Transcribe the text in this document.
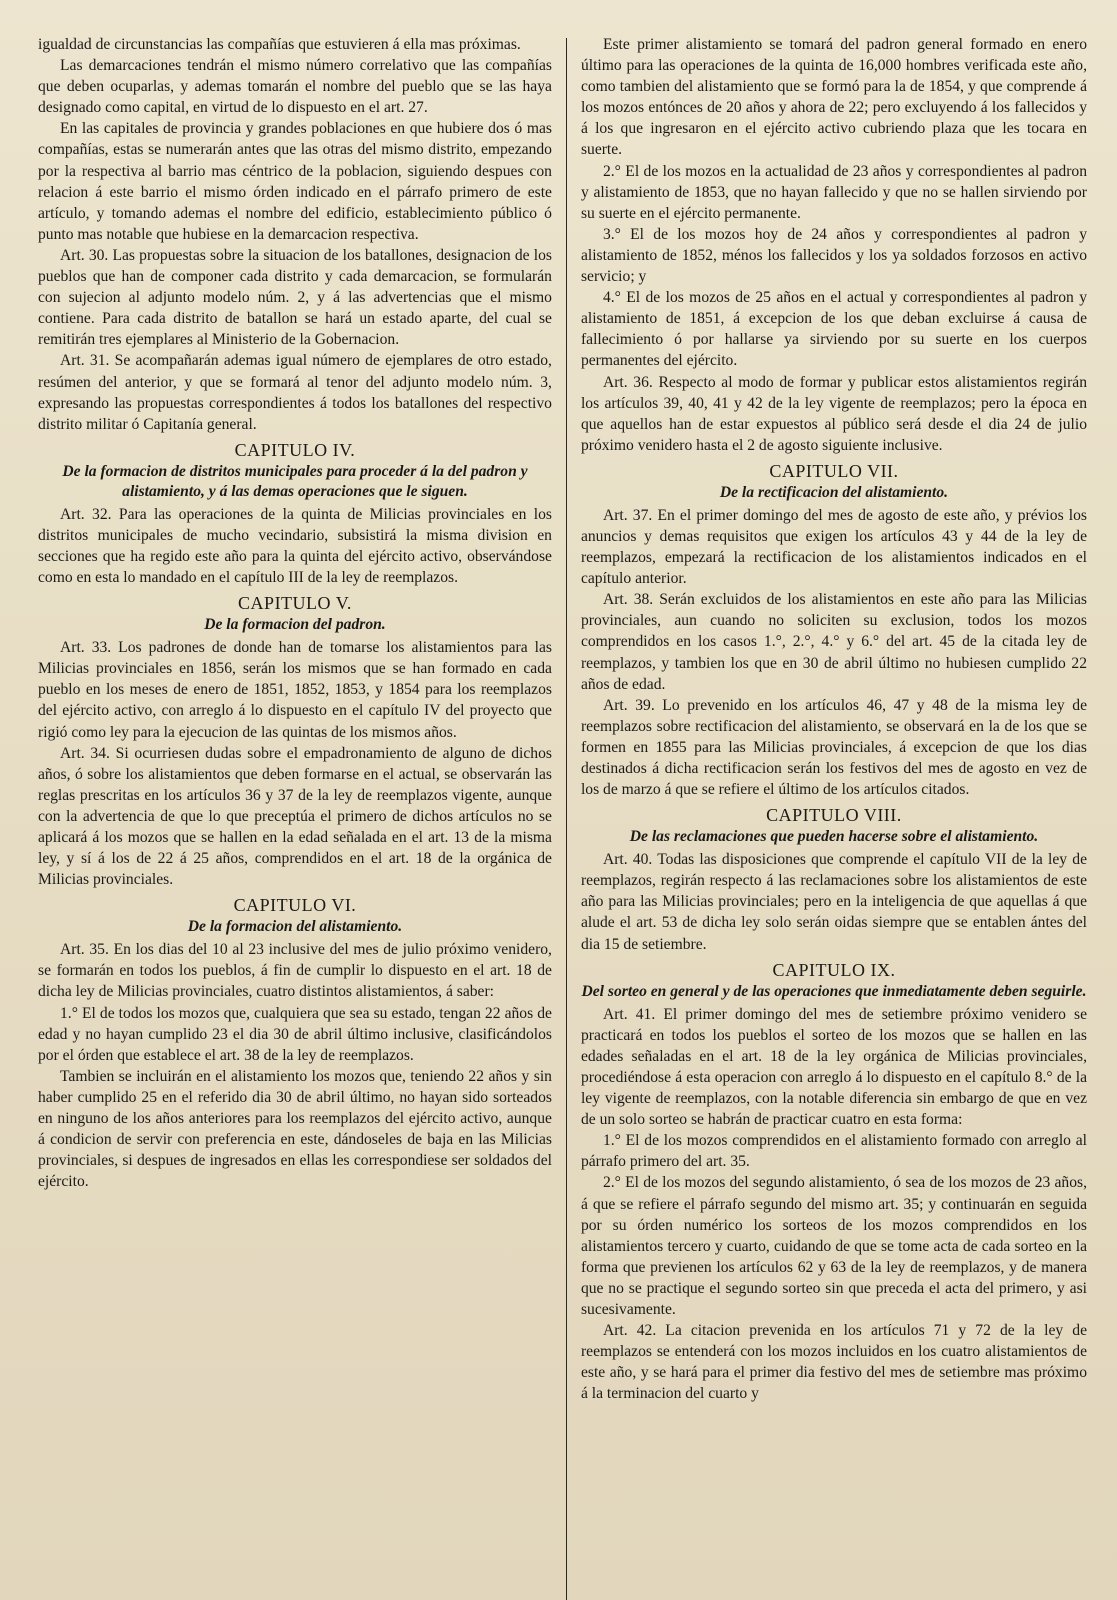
igualdad de circunstancias las compañías que estuvieren á ella mas próximas.

Las demarcaciones tendrán el mismo número correlativo que las compañías que deben ocuparlas, y ademas tomarán el nombre del pueblo que se las haya designado como capital, en virtud de lo dispuesto en el art. 27.

En las capitales de provincia y grandes poblaciones en que hubiere dos ó mas compañías, estas se numerarán antes que las otras del mismo distrito, empezando por la respectiva al barrio mas céntrico de la poblacion, siguiendo despues con relacion á este barrio el mismo órden indicado en el párrafo primero de este artículo, y tomando ademas el nombre del edificio, establecimiento público ó punto mas notable que hubiese en la demarcacion respectiva.

Art. 30. Las propuestas sobre la situacion de los batallones, designacion de los pueblos que han de componer cada distrito y cada demarcacion, se formularán con sujecion al adjunto modelo núm. 2, y á las advertencias que el mismo contiene. Para cada distrito de batallon se hará un estado aparte, del cual se remitirán tres ejemplares al Ministerio de la Gobernacion.

Art. 31. Se acompañarán ademas igual número de ejemplares de otro estado, resúmen del anterior, y que se formará al tenor del adjunto modelo núm. 3, expresando las propuestas correspondientes á todos los batallones del respectivo distrito militar ó Capitanía general.

CAPITULO IV.
De la formacion de distritos municipales para proceder á la del padron y alistamiento, y á las demas operaciones que le siguen.

Art. 32. Para las operaciones de la quinta de Milicias provinciales en los distritos municipales de mucho vecindario, subsistirá la misma division en secciones que ha regido este año para la quinta del ejército activo, observándose como en esta lo mandado en el capítulo III de la ley de reemplazos.

CAPITULO V.
De la formacion del padron.

Art. 33. Los padrones de donde han de tomarse los alistamientos para las Milicias provinciales en 1856, serán los mismos que se han formado en cada pueblo en los meses de enero de 1851, 1852, 1853, y 1854 para los reemplazos del ejército activo, con arreglo á lo dispuesto en el capítulo IV del proyecto que rigió como ley para la ejecucion de las quintas de los mismos años.

Art. 34. Si ocurriesen dudas sobre el empadronamiento de alguno de dichos años, ó sobre los alistamientos que deben formarse en el actual, se observarán las reglas prescritas en los artículos 36 y 37 de la ley de reemplazos vigente, aunque con la advertencia de que lo que preceptúa el primero de dichos artículos no se aplicará á los mozos que se hallen en la edad señalada en el art. 13 de la misma ley, y sí á los de 22 á 25 años, comprendidos en el art. 18 de la orgánica de Milicias provinciales.

CAPITULO VI.
De la formacion del alistamiento.

Art. 35. En los dias del 10 al 23 inclusive del mes de julio próximo venidero, se formarán en todos los pueblos, á fin de cumplir lo dispuesto en el art. 18 de dicha ley de Milicias provinciales, cuatro distintos alistamientos, á saber:

1.° El de todos los mozos que, cualquiera que sea su estado, tengan 22 años de edad y no hayan cumplido 23 el dia 30 de abril último inclusive, clasificándolos por el órden que establece el art. 38 de la ley de reemplazos.

Tambien se incluirán en el alistamiento los mozos que, teniendo 22 años y sin haber cumplido 25 en el referido dia 30 de abril último, no hayan sido sorteados en ninguno de los años anteriores para los reemplazos del ejército activo, aunque á condicion de servir con preferencia en este, dándoseles de baja en las Milicias provinciales, si despues de ingresados en ellas les correspondiese ser soldados del ejército.

Este primer alistamiento se tomará del padron general formado en enero último para las operaciones de la quinta de 16,000 hombres verificada este año, como tambien del alistamiento que se formó para la de 1854, y que comprende á los mozos entónces de 20 años y ahora de 22; pero excluyendo á los fallecidos y á los que ingresaron en el ejército activo cubriendo plaza que les tocara en suerte.

2.° El de los mozos en la actualidad de 23 años y correspondientes al padron y alistamiento de 1853, que no hayan fallecido y que no se hallen sirviendo por su suerte en el ejército permanente.

3.° El de los mozos hoy de 24 años y correspondientes al padron y alistamiento de 1852, ménos los fallecidos y los ya soldados forzosos en activo servicio; y

4.° El de los mozos de 25 años en el actual y correspondientes al padron y alistamiento de 1851, á excepcion de los que deban excluirse á causa de fallecimiento ó por hallarse ya sirviendo por su suerte en los cuerpos permanentes del ejército.

Art. 36. Respecto al modo de formar y publicar estos alistamientos regirán los artículos 39, 40, 41 y 42 de la ley vigente de reemplazos; pero la época en que aquellos han de estar expuestos al público será desde el dia 24 de julio próximo venidero hasta el 2 de agosto siguiente inclusive.

CAPITULO VII.
De la rectificacion del alistamiento.

Art. 37. En el primer domingo del mes de agosto de este año, y prévios los anuncios y demas requisitos que exigen los artículos 43 y 44 de la ley de reemplazos, empezará la rectificacion de los alistamientos indicados en el capítulo anterior.

Art. 38. Serán excluidos de los alistamientos en este año para las Milicias provinciales, aun cuando no soliciten su exclusion, todos los mozos comprendidos en los casos 1.°, 2.°, 4.° y 6.° del art. 45 de la citada ley de reemplazos, y tambien los que en 30 de abril último no hubiesen cumplido 22 años de edad.

Art. 39. Lo prevenido en los artículos 46, 47 y 48 de la misma ley de reemplazos sobre rectificacion del alistamiento, se observará en la de los que se formen en 1855 para las Milicias provinciales, á excepcion de que los dias destinados á dicha rectificacion serán los festivos del mes de agosto en vez de los de marzo á que se refiere el último de los artículos citados.

CAPITULO VIII.
De las reclamaciones que pueden hacerse sobre el alistamiento.

Art. 40. Todas las disposiciones que comprende el capítulo VII de la ley de reemplazos, regirán respecto á las reclamaciones sobre los alistamientos de este año para las Milicias provinciales; pero en la inteligencia de que aquellas á que alude el art. 53 de dicha ley solo serán oidas siempre que se entablen ántes del dia 15 de setiembre.

CAPITULO IX.
Del sorteo en general y de las operaciones que inmediatamente deben seguirle.

Art. 41. El primer domingo del mes de setiembre próximo venidero se practicará en todos los pueblos el sorteo de los mozos que se hallen en las edades señaladas en el art. 18 de la ley orgánica de Milicias provinciales, procediéndose á esta operacion con arreglo á lo dispuesto en el capítulo 8.° de la ley vigente de reemplazos, con la notable diferencia sin embargo de que en vez de un solo sorteo se habrán de practicar cuatro en esta forma:

1.° El de los mozos comprendidos en el alistamiento formado con arreglo al párrafo primero del art. 35.

2.° El de los mozos del segundo alistamiento, ó sea de los mozos de 23 años, á que se refiere el párrafo segundo del mismo art. 35; y continuarán en seguida por su órden numérico los sorteos de los mozos comprendidos en los alistamientos tercero y cuarto, cuidando de que se tome acta de cada sorteo en la forma que previenen los artículos 62 y 63 de la ley de reemplazos, y de manera que no se practique el segundo sorteo sin que preceda el acta del primero, y asi sucesivamente.

Art. 42. La citacion prevenida en los artículos 71 y 72 de la ley de reemplazos se entenderá con los mozos incluidos en los cuatro alistamientos de este año, y se hará para el primer dia festivo del mes de setiembre mas próximo á la terminacion del cuarto y
